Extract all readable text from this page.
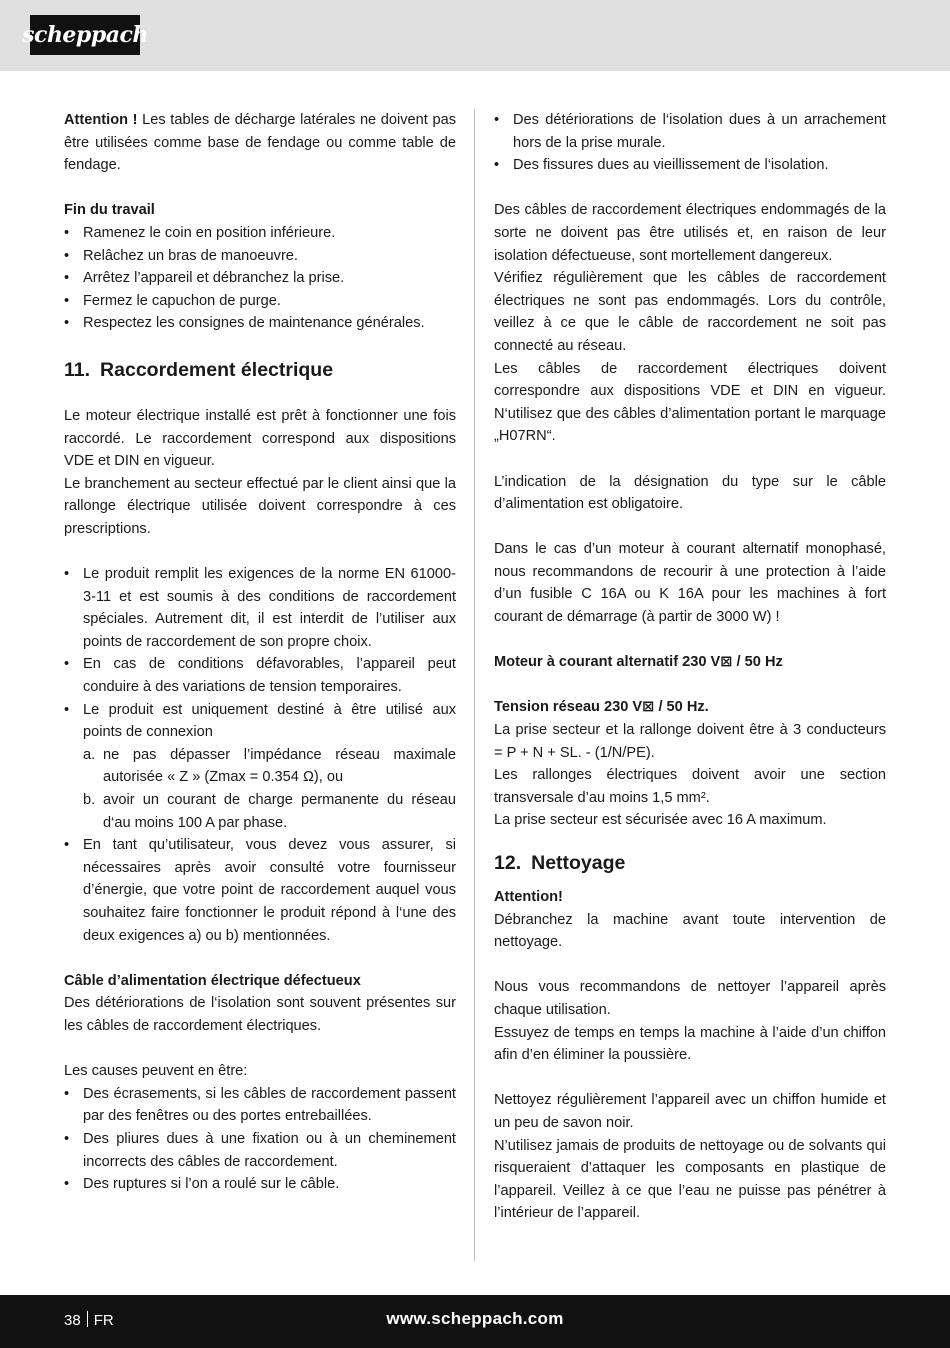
scheppach

Attention ! Les tables de décharge latérales ne doivent pas être utilisées comme base de fendage ou comme table de fendage.

Fin du travail

• Ramenez le coin en position inférieure.
• Relâchez un bras de manoeuvre.
• Arrêtez l’appareil et débranchez la prise.
• Fermez le capuchon de purge.
• Respectez les consignes de maintenance générales.
11. Raccordement électrique

Le moteur électrique installé est prêt à fonctionner une fois raccordé. Le raccordement correspond aux dispositions VDE et DIN en vigueur.

Le branchement au secteur effectué par le client ainsi que la rallonge électrique utilisée doivent correspondre à ces prescriptions.

• Le produit remplit les exigences de la norme EN 61000-3-11 et est soumis à des conditions de raccordement spéciales. Autrement dit, il est interdit de l’utiliser aux points de raccordement de son propre choix.
• En cas de conditions défavorables, l’appareil peut conduire à des variations de tension temporaires.
• Le produit est uniquement destiné à être utilisé aux points de connexion
a. ne pas dépasser l’impédance réseau maximale autorisée « Z » (Zmax = 0.354 Ω), ou
b. avoir un courant de charge permanente du réseau d‘au moins 100 A par phase.
• En tant qu’utilisateur, vous devez vous assurer, si nécessaires après avoir consulté votre fournisseur d’énergie, que votre point de raccordement auquel vous souhaitez faire fonctionner le produit répond à l‘une des deux exigences a) ou b) mentionnées.

Câble d’alimentation électrique défectueux

Des détériorations de l‘isolation sont souvent présentes sur les câbles de raccordement électriques.

Les causes peuvent en être:

• Des écrasements, si les câbles de raccordement passent par des fenêtres ou des portes entrebaillées.
• Des pliures dues à une fixation ou à un cheminement incorrects des câbles de raccordement.
• Des ruptures si l’on a roulé sur le câble.
• Des détériorations de l‘isolation dues à un arrachement hors de la prise murale.
• Des fissures dues au vieillissement de l‘isolation.

Des câbles de raccordement électriques endommagés de la sorte ne doivent pas être utilisés et, en raison de leur isolation défectueuse, sont mortellement dangereux.

Vérifiez régulièrement que les câbles de raccordement électriques ne sont pas endommagés. Lors du contrôle, veillez à ce que le câble de raccordement ne soit pas connecté au réseau.

Les câbles de raccordement électriques doivent correspondre aux dispositions VDE et DIN en vigueur. N‘utilisez que des câbles d’alimentation portant le marquage „H07RN“.

L’indication de la désignation du type sur le câble d’alimentation est obligatoire.

Dans le cas d’un moteur à courant alternatif monophasé, nous recommandons de recourir à une protection à l’aide d’un fusible C 16A ou K 16A pour les machines à fort courant de démarrage (à partir de 3000 W) !

Moteur à courant alternatif 230 V⊠ / 50 Hz

Tension réseau 230 V⊠ / 50 Hz.

La prise secteur et la rallonge doivent être à 3 conducteurs = P + N + SL. - (1/N/PE).

Les rallonges électriques doivent avoir une section transversale d’au moins 1,5 mm².

La prise secteur est sécurisée avec 16 A maximum.

12. Nettoyage

Attention!

Débranchez la machine avant toute intervention de nettoyage.

Nous vous recommandons de nettoyer l’appareil après chaque utilisation.

Essuyez de temps en temps la machine à l’aide d’un chiffon afin d’en éliminer la poussière.

Nettoyez régulièrement l’appareil avec un chiffon humide et un peu de savon noir.

N’utilisez jamais de produits de nettoyage ou de solvants qui risqueraient d’attaquer les composants en plastique de l’appareil. Veillez à ce que l’eau ne puisse pas pénétrer à l’intérieur de l’appareil.

38 FR	www.scheppach.com
